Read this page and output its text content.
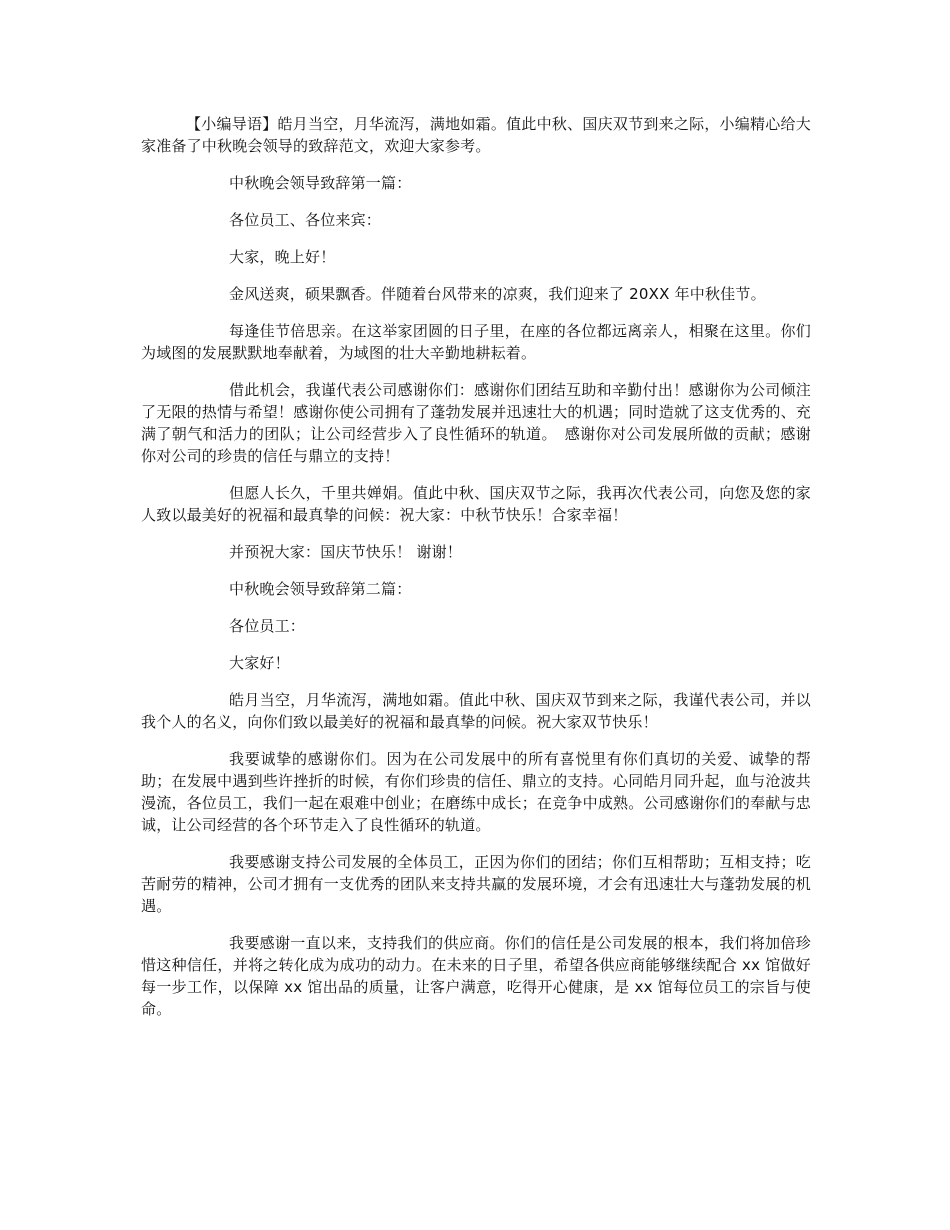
【小编导语】皓月当空，月华流泻，满地如霜。值此中秋、国庆双节到来之际，小编精心给大家准备了中秋晚会领导的致辞范文，欢迎大家参考。

中秋晚会领导致辞第一篇：

各位员工、各位来宾：

大家，晚上好！

金风送爽，硕果飘香。伴随着台风带来的凉爽，我们迎来了 20XX 年中秋佳节。

每逢佳节倍思亲。在这举家团圆的日子里，在座的各位都远离亲人，相聚在这里。你们为域图的发展默默地奉献着，为域图的壮大辛勤地耕耘着。

借此机会，我谨代表公司感谢你们：感谢你们团结互助和辛勤付出！感谢你为公司倾注了无限的热情与希望！感谢你使公司拥有了蓬勃发展并迅速壮大的机遇；同时造就了这支优秀的、充满了朝气和活力的团队；让公司经营步入了良性循环的轨道。　感谢你对公司发展所做的贡献；感谢你对公司的珍贵的信任与鼎立的支持！

但愿人长久，千里共婵娟。值此中秋、国庆双节之际，我再次代表公司，向您及您的家人致以最美好的祝福和最真挚的问候：祝大家：中秋节快乐！合家幸福！

并预祝大家：国庆节快乐！ 谢谢！

中秋晚会领导致辞第二篇：

各位员工：

大家好！

皓月当空，月华流泻，满地如霜。值此中秋、国庆双节到来之际，我谨代表公司，并以我个人的名义，向你们致以最美好的祝福和最真挚的问候。祝大家双节快乐！

我要诚挚的感谢你们。因为在公司发展中的所有喜悦里有你们真切的关爱、诚挚的帮助；在发展中遇到些许挫折的时候，有你们珍贵的信任、鼎立的支持。心同皓月同升起，血与沧波共漫流，各位员工，我们一起在艰难中创业；在磨练中成长；在竞争中成熟。公司感谢你们的奉献与忠诚，让公司经营的各个环节走入了良性循环的轨道。

我要感谢支持公司发展的全体员工，正因为你们的团结；你们互相帮助；互相支持；吃苦耐劳的精神，公司才拥有一支优秀的团队来支持共赢的发展环境，才会有迅速壮大与蓬勃发展的机遇。

我要感谢一直以来，支持我们的供应商。你们的信任是公司发展的根本，我们将加倍珍惜这种信任，并将之转化成为成功的动力。在未来的日子里，希望各供应商能够继续配合 xx 馆做好每一步工作，以保障 xx 馆出品的质量，让客户满意，吃得开心健康，是 xx 馆每位员工的宗旨与使命。
